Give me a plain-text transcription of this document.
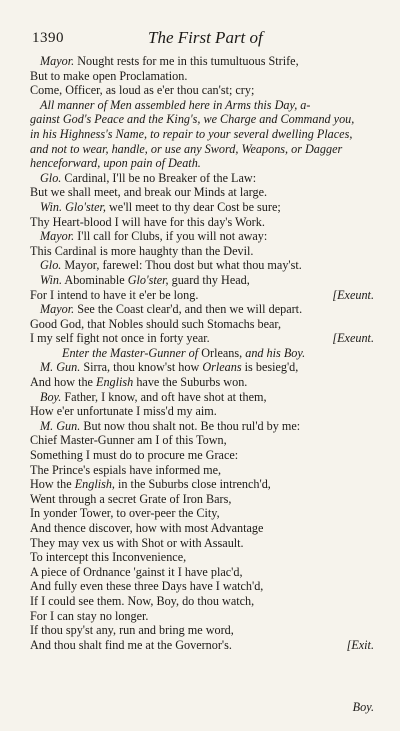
1390	The First Part of
Mayor. Nought rests for me in this tumultuous Strife,
But to make open Proclamation.
Come, Officer, as loud as e'er thou can'st; cry;
All manner of Men assembled here in Arms this Day, a-
gainst God's Peace and the King's, we Charge and Command you,
in his Highness's Name, to repair to your several dwelling Places,
and not to wear, handle, or use any Sword, Weapons, or Dagger
henceforward, upon pain of Death.
Glo. Cardinal, I'll be no Breaker of the Law:
But we shall meet, and break our Minds at large.
Win. Glo'ster, we'll meet to thy dear Cost be sure;
Thy Heart-blood I will have for this day's Work.
Mayor. I'll call for Clubs, if you will not away:
This Cardinal is more haughty than the Devil.
Glo. Mayor, farewel: Thou dost but what thou may'st.
Win. Abominable Glo'ster, guard thy Head,
For I intend to have it e'er be long.	[Exeunt.
Mayor. See the Coast clear'd, and then we will depart.
Good God, that Nobles should such Stomachs bear,
I my self fight not once in forty year.	[Exeunt.
Enter the Master-Gunner of Orleans, and his Boy.
M. Gun. Sirra, thou know'st how Orleans is besieg'd,
And how the English have the Suburbs won.
Boy. Father, I know, and oft have shot at them,
How e'er unfortunate I miss'd my aim.
M. Gun. But now thou shalt not. Be thou rul'd by me:
Chief Master-Gunner am I of this Town,
Something I must do to procure me Grace:
The Prince's espials have informed me,
How the English, in the Suburbs close intrench'd,
Went through a secret Grate of Iron Bars,
In yonder Tower, to over-peer the City,
And thence discover, how with most Advantage
They may vex us with Shot or with Assault.
To intercept this Inconvenience,
A piece of Ordnance 'gainst it I have plac'd,
And fully even these three Days have I watch'd,
If I could see them. Now, Boy, do thou watch,
For I can stay no longer.
If thou spy'st any, run and bring me word,
And thou shalt find me at the Governor's.	[Exit.
Boy.
